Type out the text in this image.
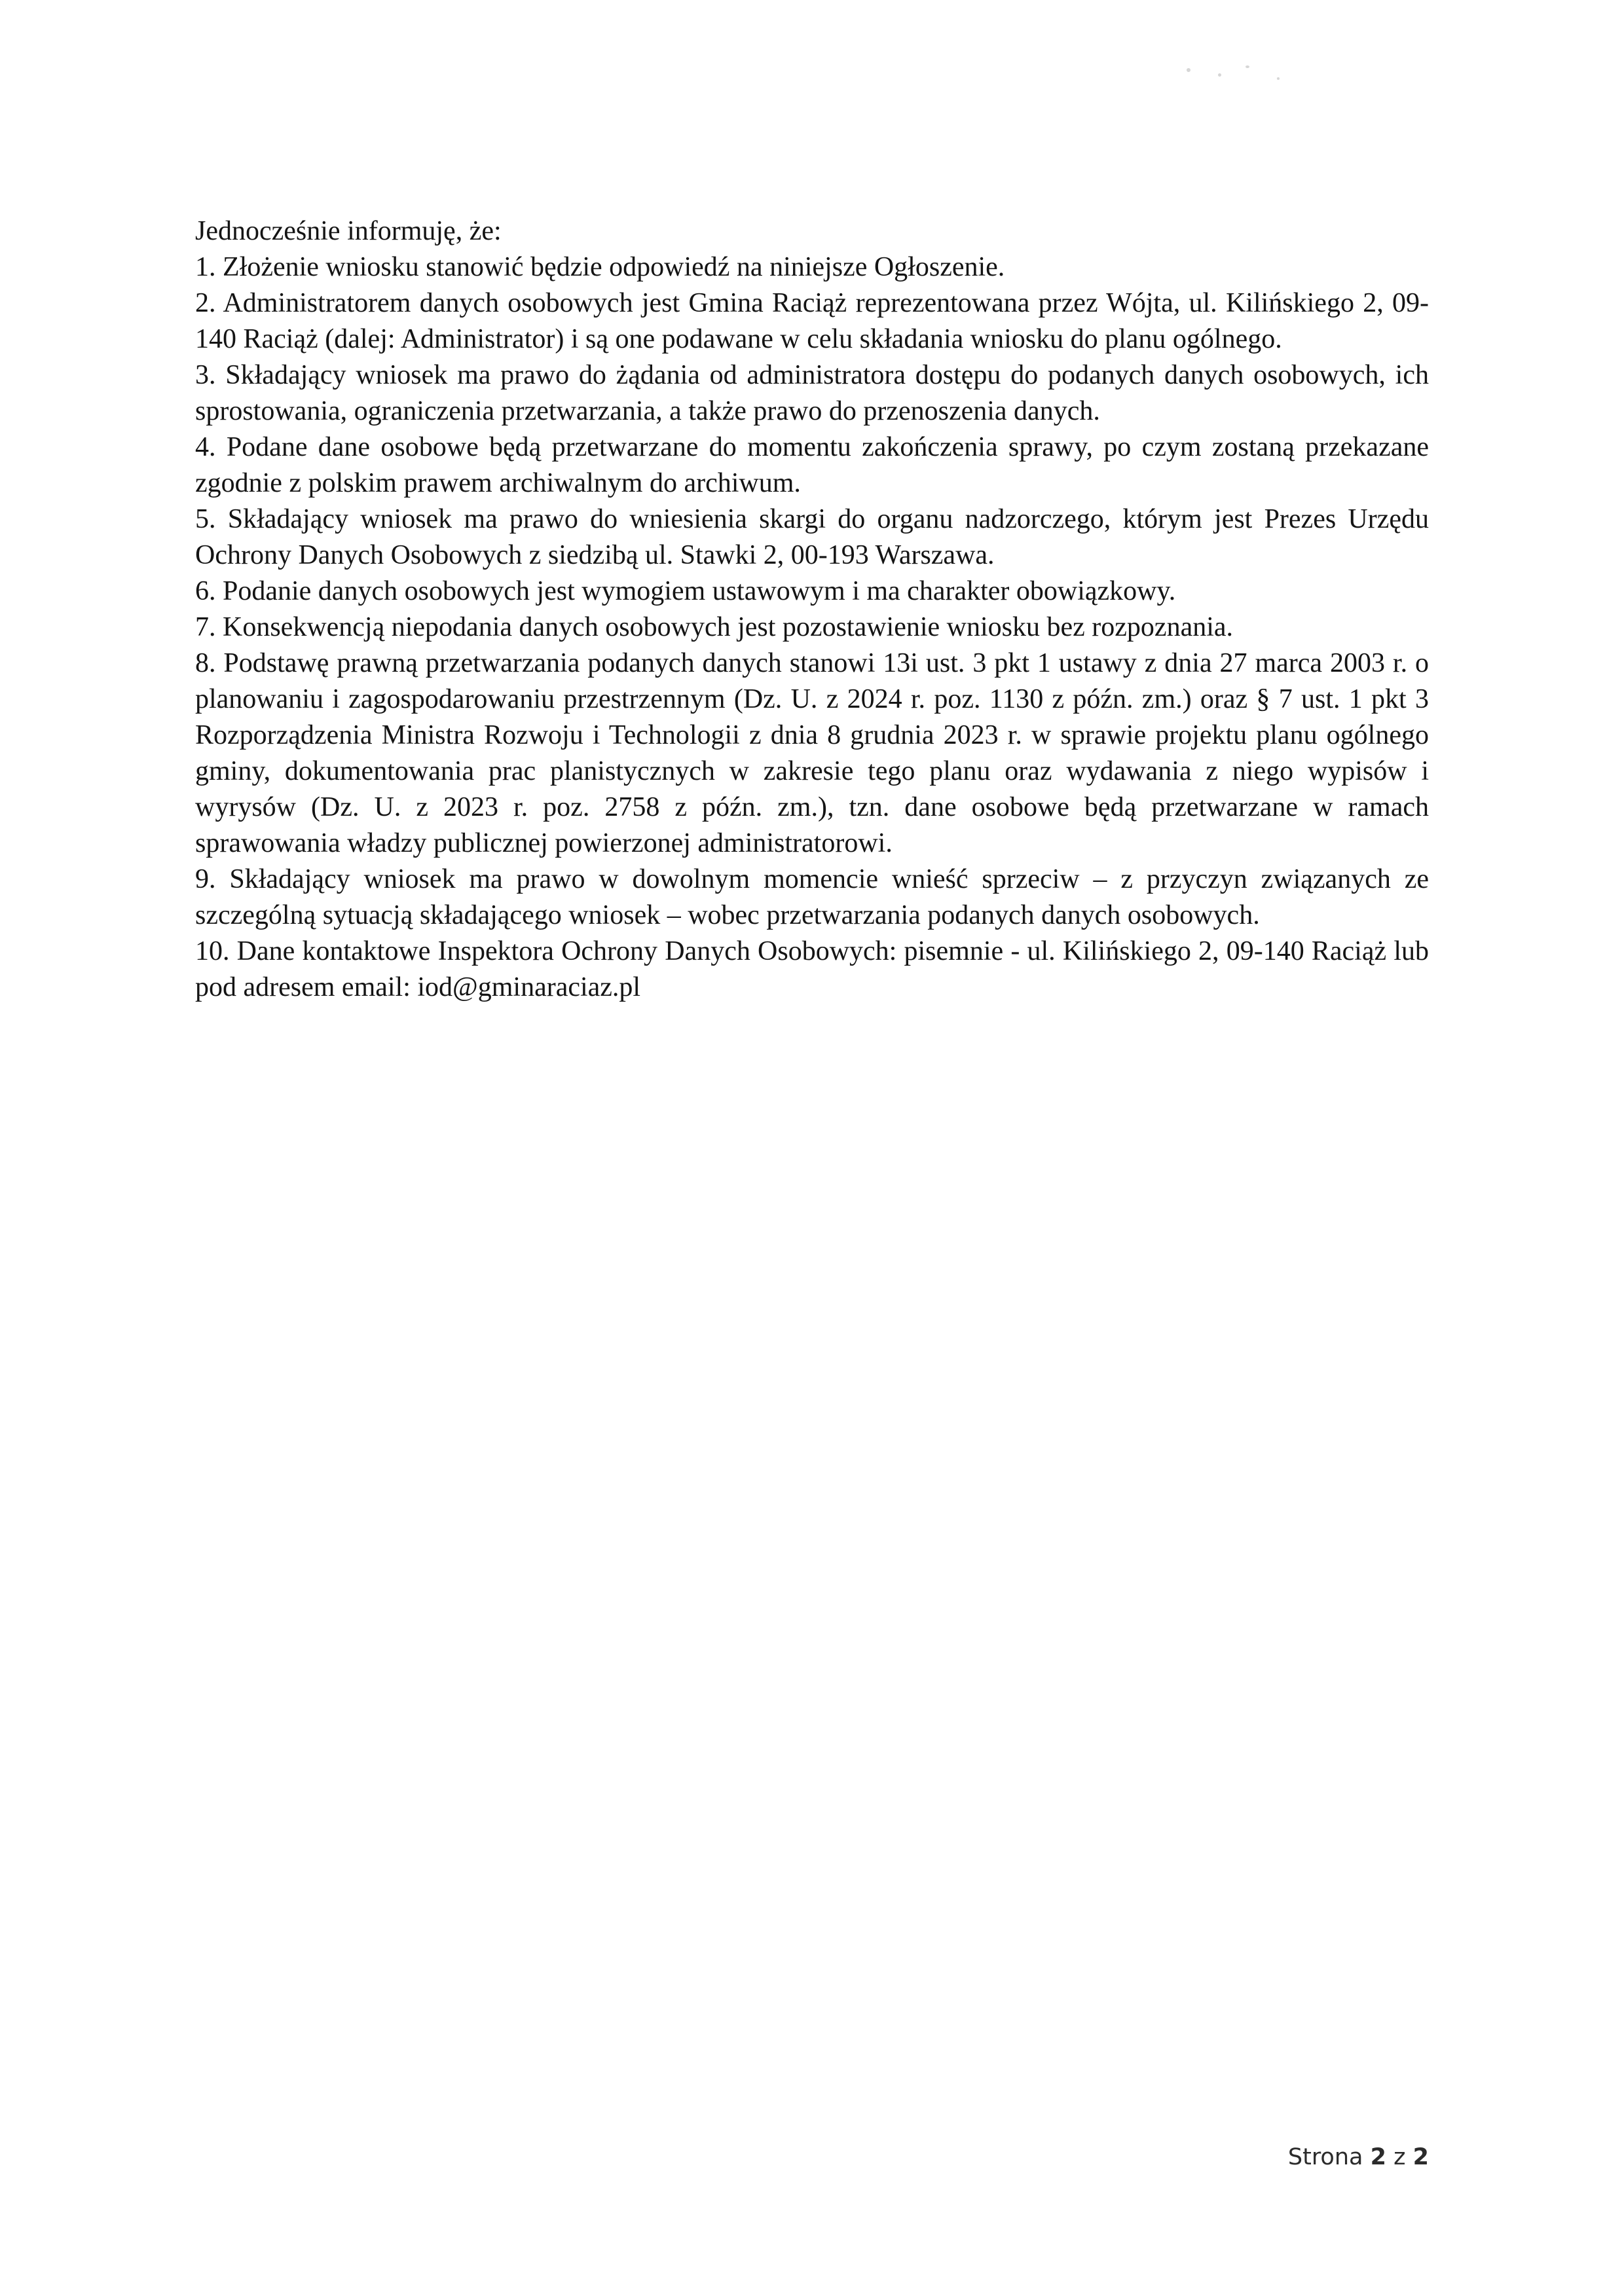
Jednocześnie informuję, że:

1. Złożenie wniosku stanowić będzie odpowiedź na niniejsze Ogłoszenie.
2. Administratorem danych osobowych jest Gmina Raciąż reprezentowana przez Wójta, ul. Kilińskiego 2, 09-140 Raciąż (dalej: Administrator) i są one podawane w celu składania wniosku do planu ogólnego.
3. Składający wniosek ma prawo do żądania od administratora dostępu do podanych danych osobowych, ich sprostowania, ograniczenia przetwarzania, a także prawo do przenoszenia danych.
4. Podane dane osobowe będą przetwarzane do momentu zakończenia sprawy, po czym zostaną przekazane zgodnie z polskim prawem archiwalnym do archiwum.
5. Składający wniosek ma prawo do wniesienia skargi do organu nadzorczego, którym jest Prezes Urzędu Ochrony Danych Osobowych z siedzibą ul. Stawki 2, 00-193 Warszawa.
6. Podanie danych osobowych jest wymogiem ustawowym i ma charakter obowiązkowy.
7. Konsekwencją niepodania danych osobowych jest pozostawienie wniosku bez rozpoznania.
8. Podstawę prawną przetwarzania podanych danych stanowi 13i ust. 3 pkt 1 ustawy z dnia 27 marca 2003 r. o planowaniu i zagospodarowaniu przestrzennym (Dz. U. z 2024 r. poz. 1130 z późn. zm.) oraz § 7 ust. 1 pkt 3 Rozporządzenia Ministra Rozwoju i Technologii z dnia 8 grudnia 2023 r. w sprawie projektu planu ogólnego gminy, dokumentowania prac planistycznych w zakresie tego planu oraz wydawania z niego wypisów i wyrysów (Dz. U. z 2023 r. poz. 2758 z późn. zm.), tzn. dane osobowe będą przetwarzane w ramach sprawowania władzy publicznej powierzonej administratorowi.
9. Składający wniosek ma prawo w dowolnym momencie wnieść sprzeciw – z przyczyn związanych ze szczególną sytuacją składającego wniosek – wobec przetwarzania podanych danych osobowych.
10. Dane kontaktowe Inspektora Ochrony Danych Osobowych: pisemnie - ul. Kilińskiego 2, 09-140 Raciąż lub pod adresem email: iod@gminaraciaz.pl
Strona 2 z 2
